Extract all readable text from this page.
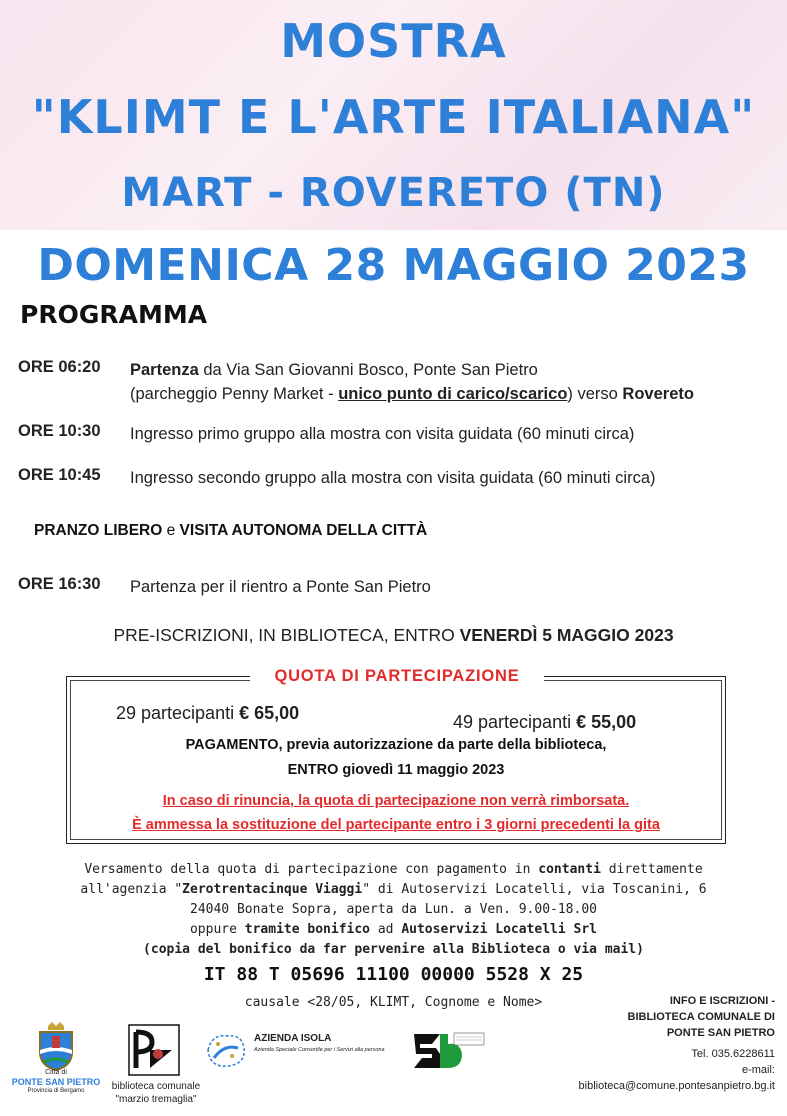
MOSTRA
"KLIMT E L'ARTE ITALIANA"
MART - ROVERETO (TN)
DOMENICA 28 MAGGIO 2023
PROGRAMMA
ORE 06:20 Partenza da Via San Giovanni Bosco, Ponte San Pietro
(parcheggio Penny Market - unico punto di carico/scarico) verso Rovereto
ORE 10:30 Ingresso primo gruppo alla mostra con visita guidata (60 minuti circa)
ORE 10:45 Ingresso secondo gruppo alla mostra con visita guidata (60 minuti circa)
PRANZO LIBERO e VISITA AUTONOMA DELLA CITTÀ
ORE 16:30 Partenza per il rientro a Ponte San Pietro
PRE-ISCRIZIONI, IN BIBLIOTECA, ENTRO VENERDÌ 5 MAGGIO 2023
QUOTA DI PARTECIPAZIONE
29 partecipanti € 65,00	49 partecipanti € 55,00
PAGAMENTO, previa autorizzazione da parte della biblioteca,
ENTRO giovedì 11 maggio 2023
In caso di rinuncia, la quota di partecipazione non verrà rimborsata.
È ammessa la sostituzione del partecipante entro i 3 giorni precedenti la gita
Versamento della quota di partecipazione con pagamento in contanti direttamente
all'agenzia "Zerotrentacinque Viaggi" di Autoservizi Locatelli, via Toscanini, 6
24040 Bonate Sopra, aperta da Lun. a Ven. 9.00-18.00
oppure tramite bonifico ad Autoservizi Locatelli Srl
(copia del bonifico da far pervenire alla Biblioteca o via mail)
IT 88 T 05696 11100 00000 5528 X 25
causale <28/05, KLIMT, Cognome e Nome>	INFO E ISCRIZIONI -
BIBLIOTECA COMUNALE DI
PONTE SAN PIETRO
Tel. 035.6228611
e-mail:
biblioteca@comune.pontesanpietro.bg.it
Città di
PONTE SAN PIETRO
Provincia di Bergamo	biblioteca comunale
"marzio tremaglia"
AZIENDA ISOLA
Azienda Speciale Consortile per i Servizi alla persona
